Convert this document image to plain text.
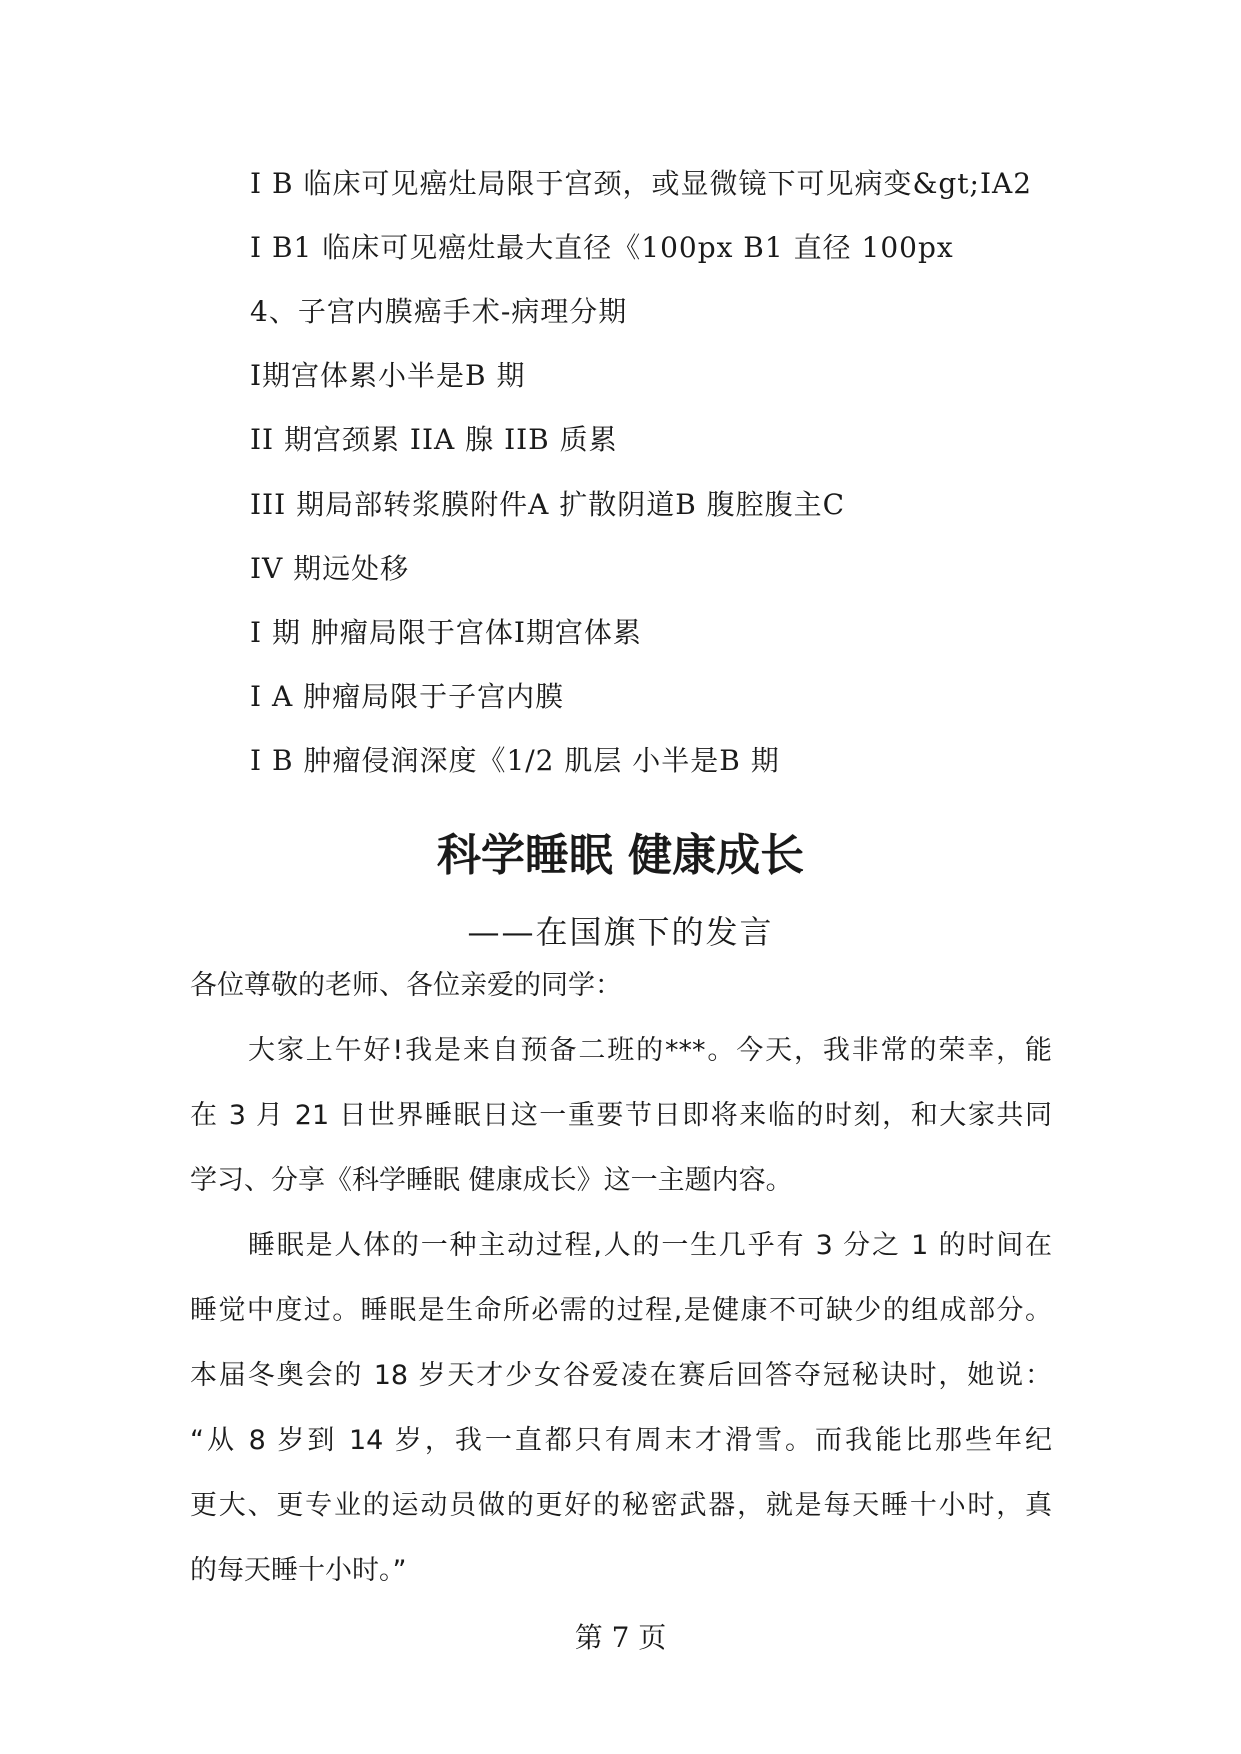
Ⅰ B 临床可见癌灶局限于宫颈，或显微镜下可见病变&gt;IA2
Ⅰ B1 临床可见癌灶最大直径《100px B1 直径 100px
4、子宫内膜癌手术-病理分期
Ⅰ期宫体累小半是B 期
II 期宫颈累 IIA 腺 IIB 质累
III 期局部转浆膜附件A 扩散阴道B 腹腔腹主C
IV 期远处移
Ⅰ 期 肿瘤局限于宫体Ⅰ期宫体累
Ⅰ A 肿瘤局限于子宫内膜
Ⅰ B 肿瘤侵润深度《1/2 肌层 小半是B 期
科学睡眠 健康成长
——在国旗下的发言
各位尊敬的老师、各位亲爱的同学：
大家上午好!我是来自预备二班的***。今天，我非常的荣幸，能
在 3 月 21 日世界睡眠日这一重要节日即将来临的时刻，和大家共同
学习、分享《科学睡眠 健康成长》这一主题内容。
睡眠是人体的一种主动过程,人的一生几乎有 3 分之 1 的时间在
睡觉中度过。睡眠是生命所必需的过程,是健康不可缺少的组成部分。
本届冬奥会的 18 岁天才少女谷爱凌在赛后回答夺冠秘诀时，她说：
“从 8 岁到 14 岁，我一直都只有周末才滑雪。而我能比那些年纪
更大、更专业的运动员做的更好的秘密武器，就是每天睡十小时，真
的每天睡十小时。”
第 7 页
